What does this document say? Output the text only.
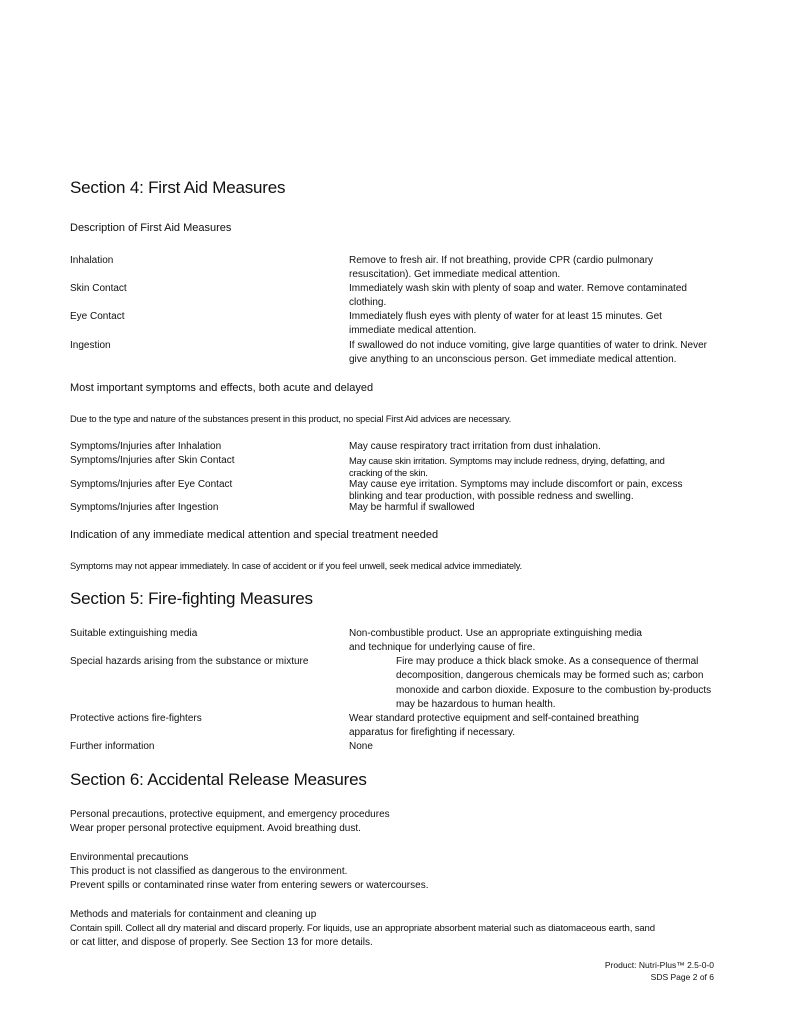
Section 4: First Aid Measures
Description of First Aid Measures
Inhalation	Remove to fresh air. If not breathing, provide CPR (cardio pulmonary
resuscitation). Get immediate medical attention.
Skin Contact	Immediately wash skin with plenty of soap and water. Remove contaminated
clothing.
Eye Contact	Immediately flush eyes with plenty of water for at least 15 minutes. Get
immediate medical attention.
Ingestion	If swallowed do not induce vomiting, give large quantities of water to drink. Never
give anything to an unconscious person. Get immediate medical attention.
Most important symptoms and effects, both acute and delayed
Due to the type and nature of the substances present in this product, no special First Aid advices are necessary.
Symptoms/Injuries after Inhalation	May cause respiratory tract irritation from dust inhalation.
Symptoms/Injuries after Skin Contact	May cause skin irritation. Symptoms may include redness, drying, defatting, and
cracking of the skin.
Symptoms/Injuries after Eye Contact	May cause eye irritation. Symptoms may include discomfort or pain, excess
blinking and tear production, with possible redness and swelling.
Symptoms/Injuries after Ingestion	May be harmful if swallowed
Indication of any immediate medical attention and special treatment needed
Symptoms may not appear immediately. In case of accident or if you feel unwell, seek medical advice immediately.
Section 5: Fire-fighting Measures
Suitable extinguishing media	Non-combustible product. Use an appropriate extinguishing media
and technique for underlying cause of fire.
Special hazards arising from the substance or mixture	Fire may produce a thick black smoke. As a consequence of thermal
decomposition, dangerous chemicals may be formed such as; carbon
monoxide and carbon dioxide. Exposure to the combustion by-products
may be hazardous to human health.
Protective actions fire-fighters	Wear standard protective equipment and self-contained breathing
apparatus for firefighting if necessary.
Further information	None
Section 6: Accidental Release Measures
Personal precautions, protective equipment, and emergency procedures
Wear proper personal protective equipment. Avoid breathing dust.
Environmental precautions
This product is not classified as dangerous to the environment.
Prevent spills or contaminated rinse water from entering sewers or watercourses.
Methods and materials for containment and cleaning up
Contain spill. Collect all dry material and discard properly. For liquids, use an appropriate absorbent material such as diatomaceous earth, sand
or cat litter, and dispose of properly. See Section 13 for more details.
Product: Nutri-Plus™ 2.5-0-0
SDS Page 2 of 6
